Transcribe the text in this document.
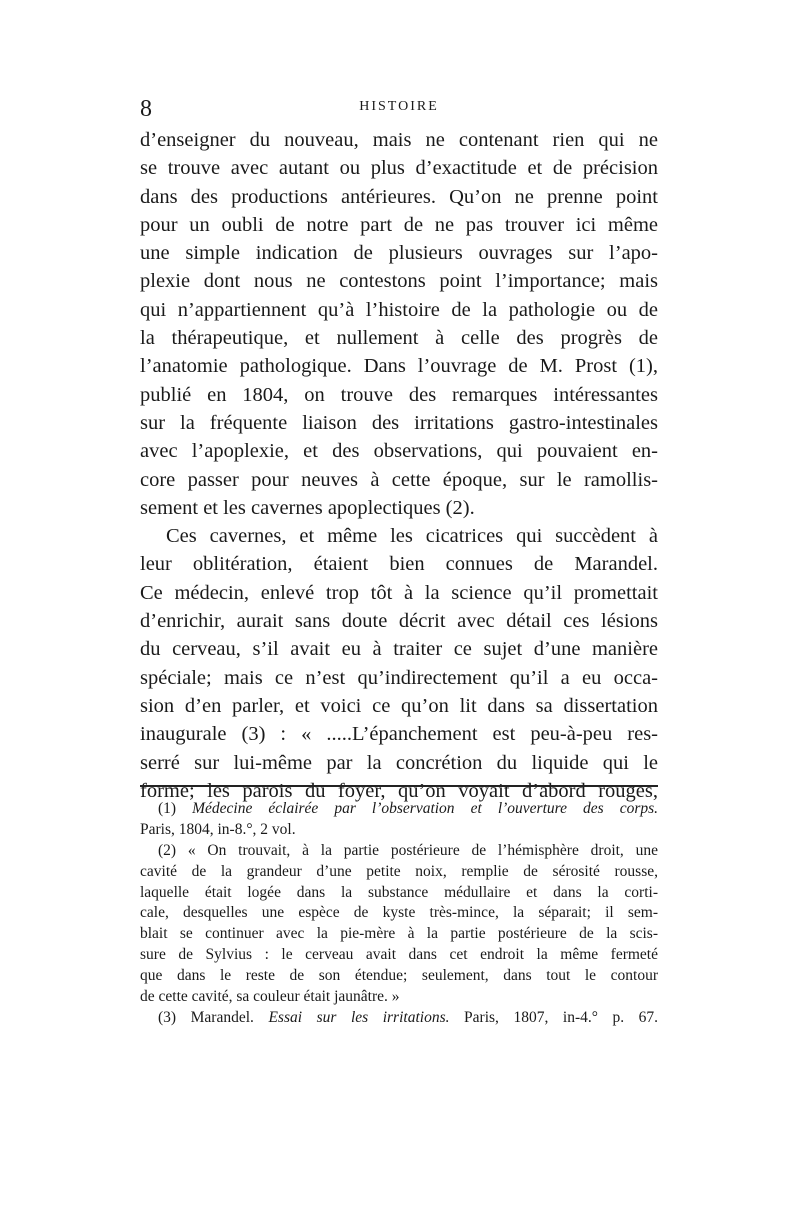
8	HISTOIRE
d’enseigner du nouveau, mais ne contenant rien qui ne
se trouve avec autant ou plus d’exactitude et de précision
dans des productions antérieures. Qu’on ne prenne point
pour un oubli de notre part de ne pas trouver ici même
une simple indication de plusieurs ouvrages sur l’apo-
plexie dont nous ne contestons point l’importance; mais
qui n’appartiennent qu’à l’histoire de la pathologie ou de
la thérapeutique, et nullement à celle des progrès de
l’anatomie pathologique. Dans l’ouvrage de M. Prost (1),
publié en 1804, on trouve des remarques intéressantes
sur la fréquente liaison des irritations gastro-intestinales
avec l’apoplexie, et des observations, qui pouvaient en-
core passer pour neuves à cette époque, sur le ramollis-
sement et les cavernes apoplectiques (2).
Ces cavernes, et même les cicatrices qui succèdent à
leur oblitération, étaient bien connues de Marandel.
Ce médecin, enlevé trop tôt à la science qu’il promettait
d’enrichir, aurait sans doute décrit avec détail ces lésions
du cerveau, s’il avait eu à traiter ce sujet d’une manière
spéciale; mais ce n’est qu’indirectement qu’il a eu occa-
sion d’en parler, et voici ce qu’on lit dans sa dissertation
inaugurale (3) : « .....L’épanchement est peu-à-peu res-
serré sur lui-même par la concrétion du liquide qui le
forme; les parois du foyer, qu’on voyait d’abord rouges,
(1) Médecine éclairée par l’observation et l’ouverture des corps.
Paris, 1804, in-8.°, 2 vol.
(2) « On trouvait, à la partie postérieure de l’hémisphère droit, une
cavité de la grandeur d’une petite noix, remplie de sérosité rousse,
laquelle était logée dans la substance médullaire et dans la corti-
cale, desquelles une espèce de kyste très-mince, la séparait; il sem-
blait se continuer avec la pie-mère à la partie postérieure de la scis-
sure de Sylvius : le cerveau avait dans cet endroit la même fermeté
que dans le reste de son étendue; seulement, dans tout le contour
de cette cavité, sa couleur était jaunâtre. »
(3) Marandel. Essai sur les irritations. Paris, 1807, in-4.° p. 67.
